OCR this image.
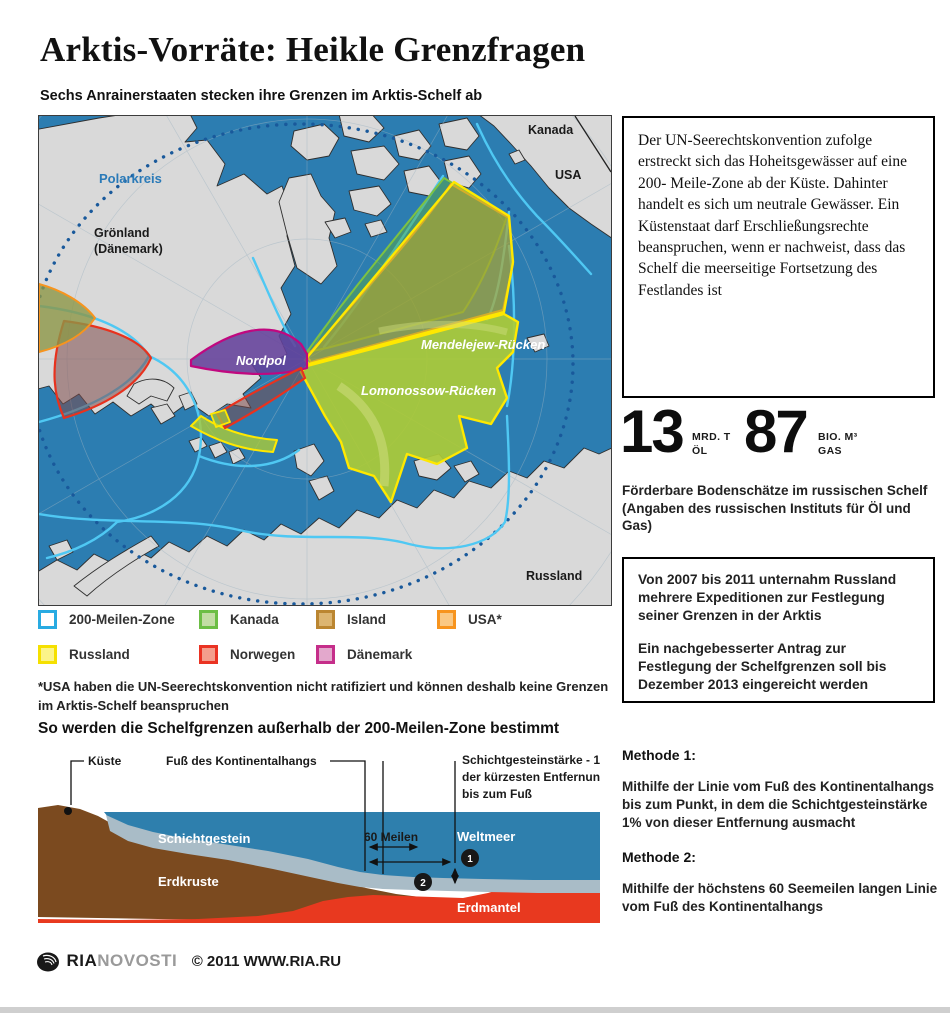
Arktis-Vorräte: Heikle Grenzfragen
Sechs Anrainerstaaten stecken ihre Grenzen im Arktis-Schelf ab
Kanada
USA
Polarkreis
Grönland
(Dänemark)
Nordpol
Mendelejew-Rücken
Lomonossow-Rücken
Russland
Der UN-Seerechtskonvention zufolge erstreckt sich das Hoheitsgewässer auf eine 200- Meile-Zone ab der Küste. Dahinter handelt es sich um neutrale Gewässer. Ein Küstenstaat darf Erschließungsrechte beanspruchen, wenn er nachweist, dass das Schelf die meerseitige Fortsetzung des Festlandes ist
13 MRD. T
ÖL 87 BIO. M³
GAS
Förderbare Bodenschätze im russischen Schelf (Angaben des russischen Instituts für Öl und Gas)

Von 2007 bis 2011 unternahm Russland mehrere Expeditionen zur Festlegung seiner Grenzen in der Arktis

Ein nachgebesserter Antrag zur Festlegung der Schelfgrenzen soll bis Dezember 2013 eingereicht werden

Methode 1:

Mithilfe der Linie vom Fuß des Kontinentalhangs bis zum Punkt, in dem die Schichtgesteinstärke 1% von dieser Entfernung ausmacht

Methode 2:

Mithilfe der höchstens 60 Seemeilen langen Linie vom Fuß des Kontinentalhangs

200-Meilen-Zone	Kanada	Island	USA*
Russland	Norwegen	Dänemark
*USA haben die UN-Seerechtskonvention nicht ratifiziert und können deshalb keine Grenzen im Arktis-Schelf beanspruchen
So werden die Schelfgrenzen außerhalb der 200-Meilen-Zone bestimmt
1
2
Küste	Fuß des Kontinentalhangs	Schichtgesteinstärke - 1%
der kürzesten Entfernung
bis zum Fuß
60 Meilen	Weltmeer
Schichtgestein
Erdkruste
Erdmantel
RIANOVOSTI © 2011 WWW.RIA.RU
